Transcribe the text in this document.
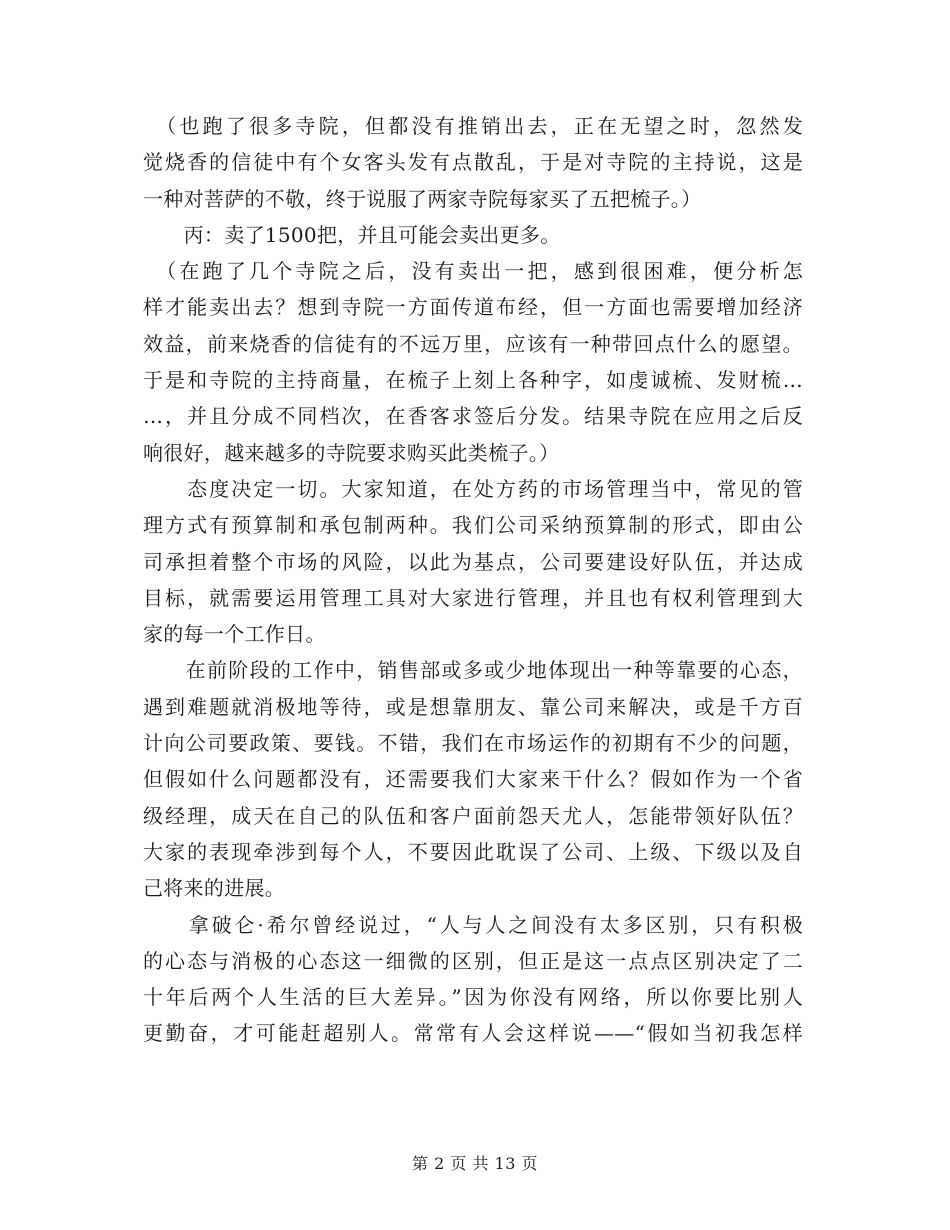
　（也跑了很多寺院，但都没有推销出去，正在无望之时，忽然发
觉烧香的信徒中有个女客头发有点散乱，于是对寺院的主持说，这是
一种对菩萨的不敬，终于说服了两家寺院每家买了五把梳子。）
　　丙：卖了1500把，并且可能会卖出更多。
　（在跑了几个寺院之后，没有卖出一把，感到很困难，便分析怎
样才能卖出去？想到寺院一方面传道布经，但一方面也需要增加经济
效益，前来烧香的信徒有的不远万里，应该有一种带回点什么的愿望。
于是和寺院的主持商量，在梳子上刻上各种字，如虔诚梳、发财梳…
…，并且分成不同档次，在香客求签后分发。结果寺院在应用之后反
响很好，越来越多的寺院要求购买此类梳子。）
　　态度决定一切。大家知道，在处方药的市场管理当中，常见的管
理方式有预算制和承包制两种。我们公司采纳预算制的形式，即由公
司承担着整个市场的风险，以此为基点，公司要建设好队伍，并达成
目标，就需要运用管理工具对大家进行管理，并且也有权利管理到大
家的每一个工作日。
　　在前阶段的工作中，销售部或多或少地体现出一种等靠要的心态，
遇到难题就消极地等待，或是想靠朋友、靠公司来解决，或是千方百
计向公司要政策、要钱。不错，我们在市场运作的初期有不少的问题，
但假如什么问题都没有，还需要我们大家来干什么？假如作为一个省
级经理，成天在自己的队伍和客户面前怨天尤人，怎能带领好队伍？
大家的表现牵涉到每个人，不要因此耽误了公司、上级、下级以及自
己将来的进展。
　　拿破仑·希尔曾经说过，“人与人之间没有太多区别，只有积极
的心态与消极的心态这一细微的区别，但正是这一点点区别决定了二
十年后两个人生活的巨大差异。”因为你没有网络，所以你要比别人
更勤奋，才可能赶超别人。常常有人会这样说——“假如当初我怎样
第 2 页 共 13 页
